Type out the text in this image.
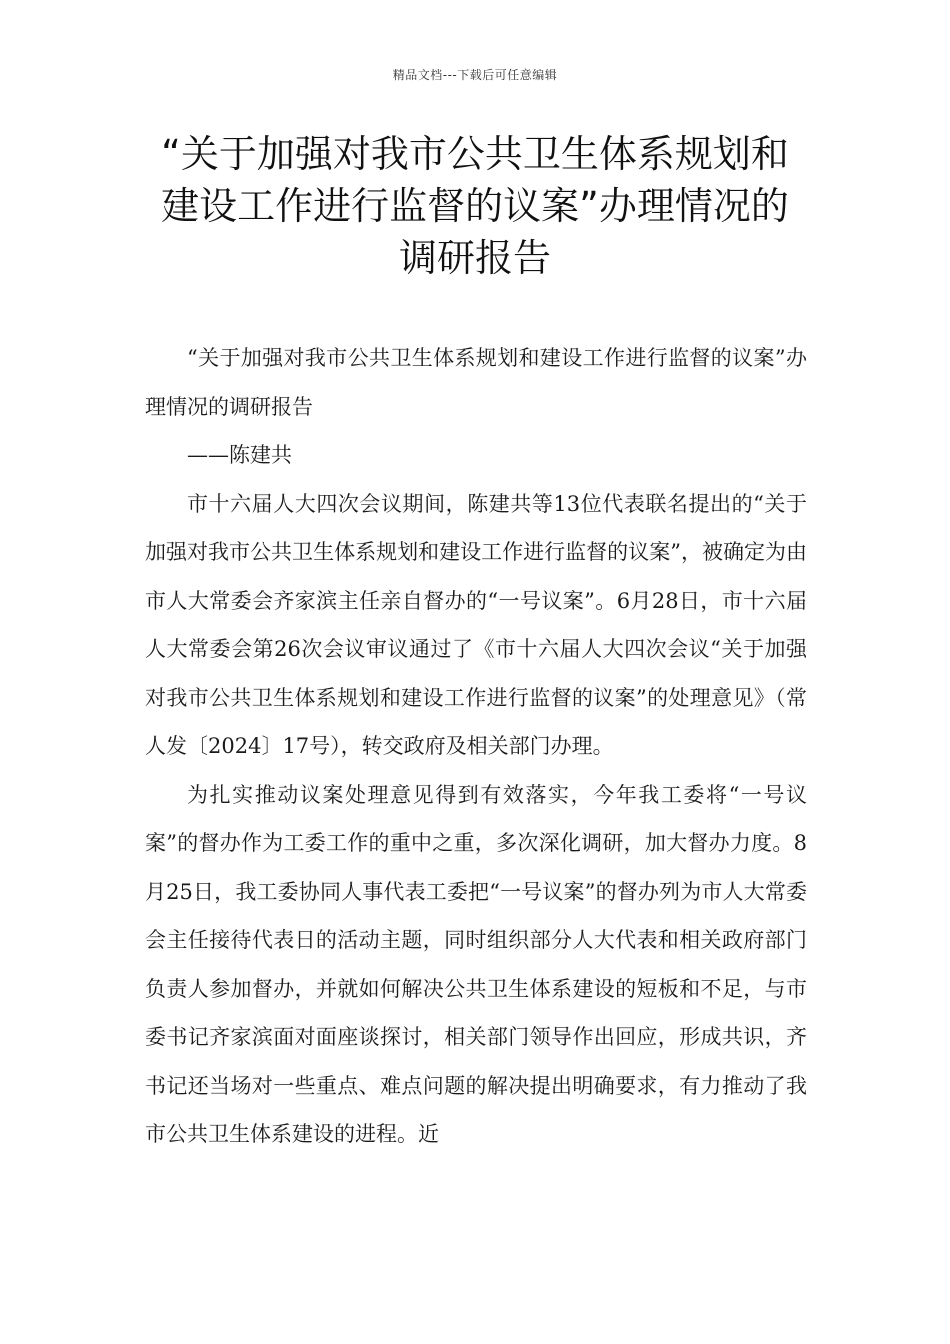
精品文档---下载后可任意编辑
“关于加强对我市公共卫生体系规划和
建设工作进行监督的议案”办理情况的
调研报告

“关于加强对我市公共卫生体系规划和建设工作进行监督的议案”办理情况的调研报告

——陈建共

市十六届人大四次会议期间，陈建共等13位代表联名提出的“关于加强对我市公共卫生体系规划和建设工作进行监督的议案”，被确定为由市人大常委会齐家滨主任亲自督办的“一号议案”。6月28日，市十六届人大常委会第26次会议审议通过了《市十六届人大四次会议“关于加强对我市公共卫生体系规划和建设工作进行监督的议案”的处理意见》（常人发〔2024〕17号），转交政府及相关部门办理。

为扎实推动议案处理意见得到有效落实，今年我工委将“一号议案”的督办作为工委工作的重中之重，多次深化调研，加大督办力度。8月25日，我工委协同人事代表工委把“一号议案”的督办列为市人大常委会主任接待代表日的活动主题，同时组织部分人大代表和相关政府部门负责人参加督办，并就如何解决公共卫生体系建设的短板和不足，与市委书记齐家滨面对面座谈探讨，相关部门领导作出回应，形成共识，齐书记还当场对一些重点、难点问题的解决提出明确要求，有力推动了我市公共卫生体系建设的进程。近
